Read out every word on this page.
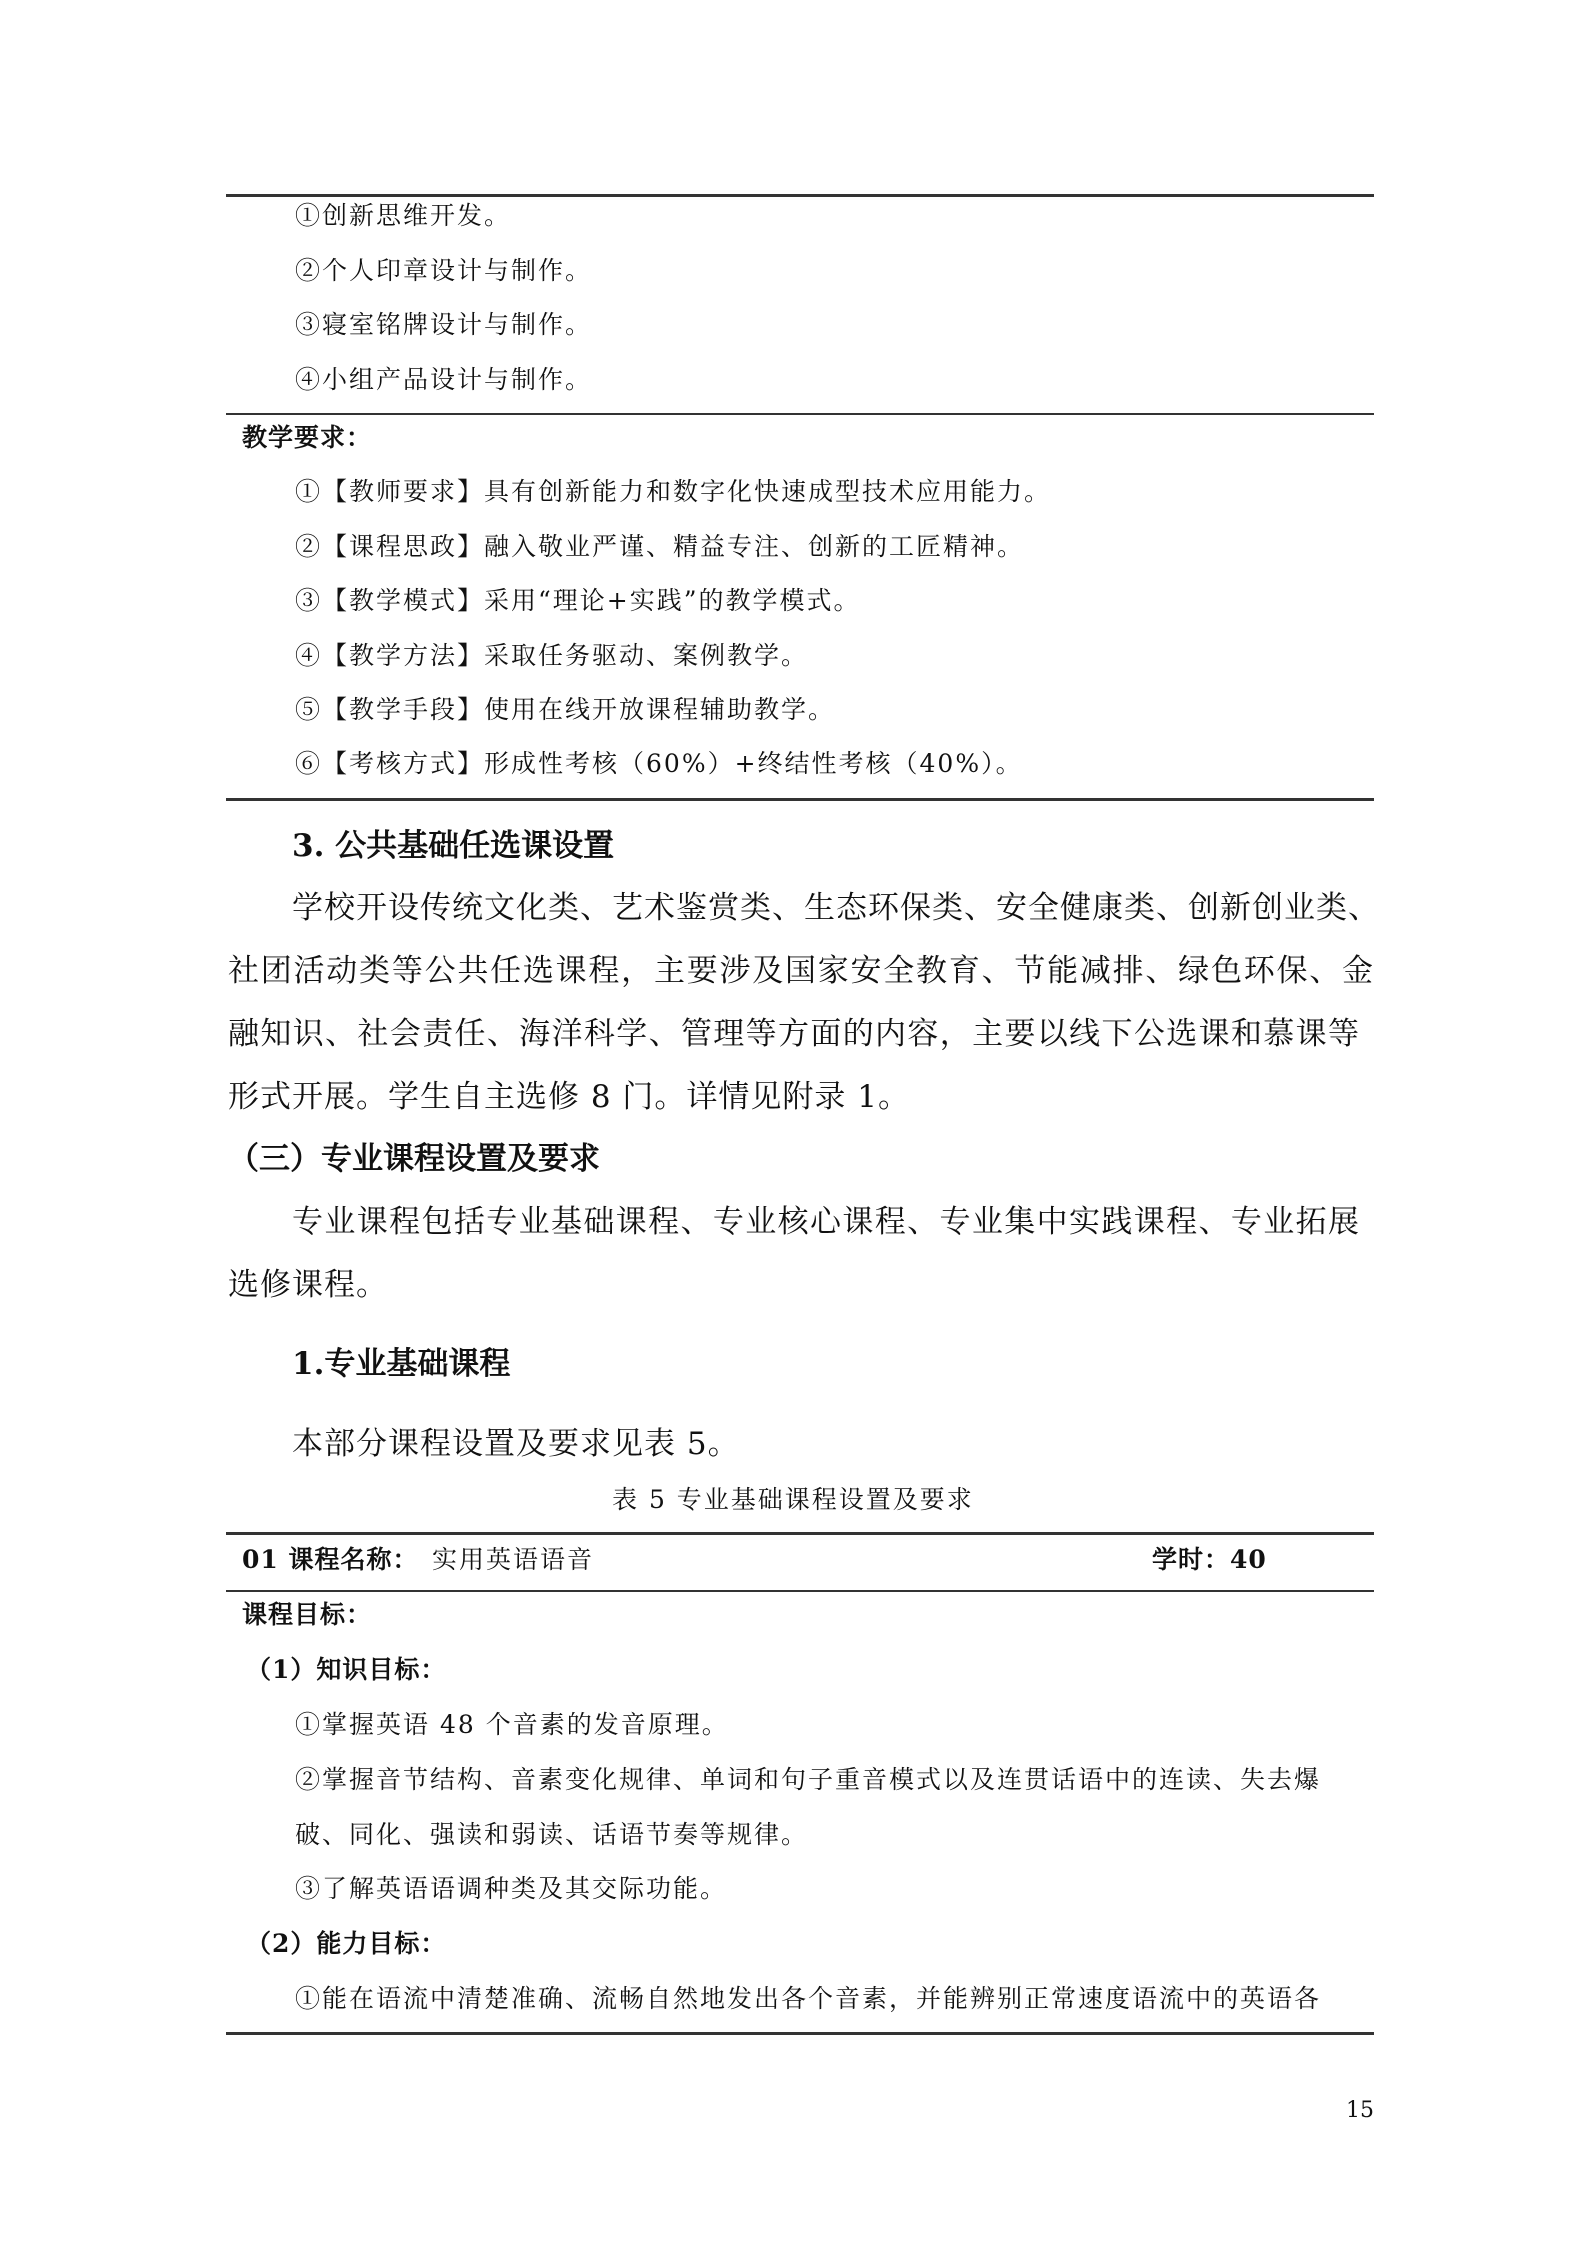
①创新思维开发。
②个人印章设计与制作。
③寝室铭牌设计与制作。
④小组产品设计与制作。
教学要求：
①【教师要求】具有创新能力和数字化快速成型技术应用能力。
②【课程思政】融入敬业严谨、精益专注、创新的工匠精神。
③【教学模式】采用“理论+实践”的教学模式。
④【教学方法】采取任务驱动、案例教学。
⑤【教学手段】使用在线开放课程辅助教学。
⑥【考核方式】形成性考核（60%）+终结性考核（40%）。
3. 公共基础任选课设置
学校开设传统文化类、艺术鉴赏类、生态环保类、安全健康类、创新创业类、
社团活动类等公共任选课程，主要涉及国家安全教育、节能减排、绿色环保、金
融知识、社会责任、海洋科学、管理等方面的内容，主要以线下公选课和慕课等
形式开展。学生自主选修 8 门。详情见附录 1。
（三）专业课程设置及要求
专业课程包括专业基础课程、专业核心课程、专业集中实践课程、专业拓展
选修课程。
1.专业基础课程
本部分课程设置及要求见表 5。
表 5 专业基础课程设置及要求
01 课程名称： 实用英语语音	学时：40
课程目标：
（1）知识目标：
①掌握英语 48 个音素的发音原理。
②掌握音节结构、音素变化规律、单词和句子重音模式以及连贯话语中的连读、失去爆
破、同化、强读和弱读、话语节奏等规律。
③了解英语语调种类及其交际功能。
（2）能力目标：
①能在语流中清楚准确、流畅自然地发出各个音素，并能辨别正常速度语流中的英语各
15
